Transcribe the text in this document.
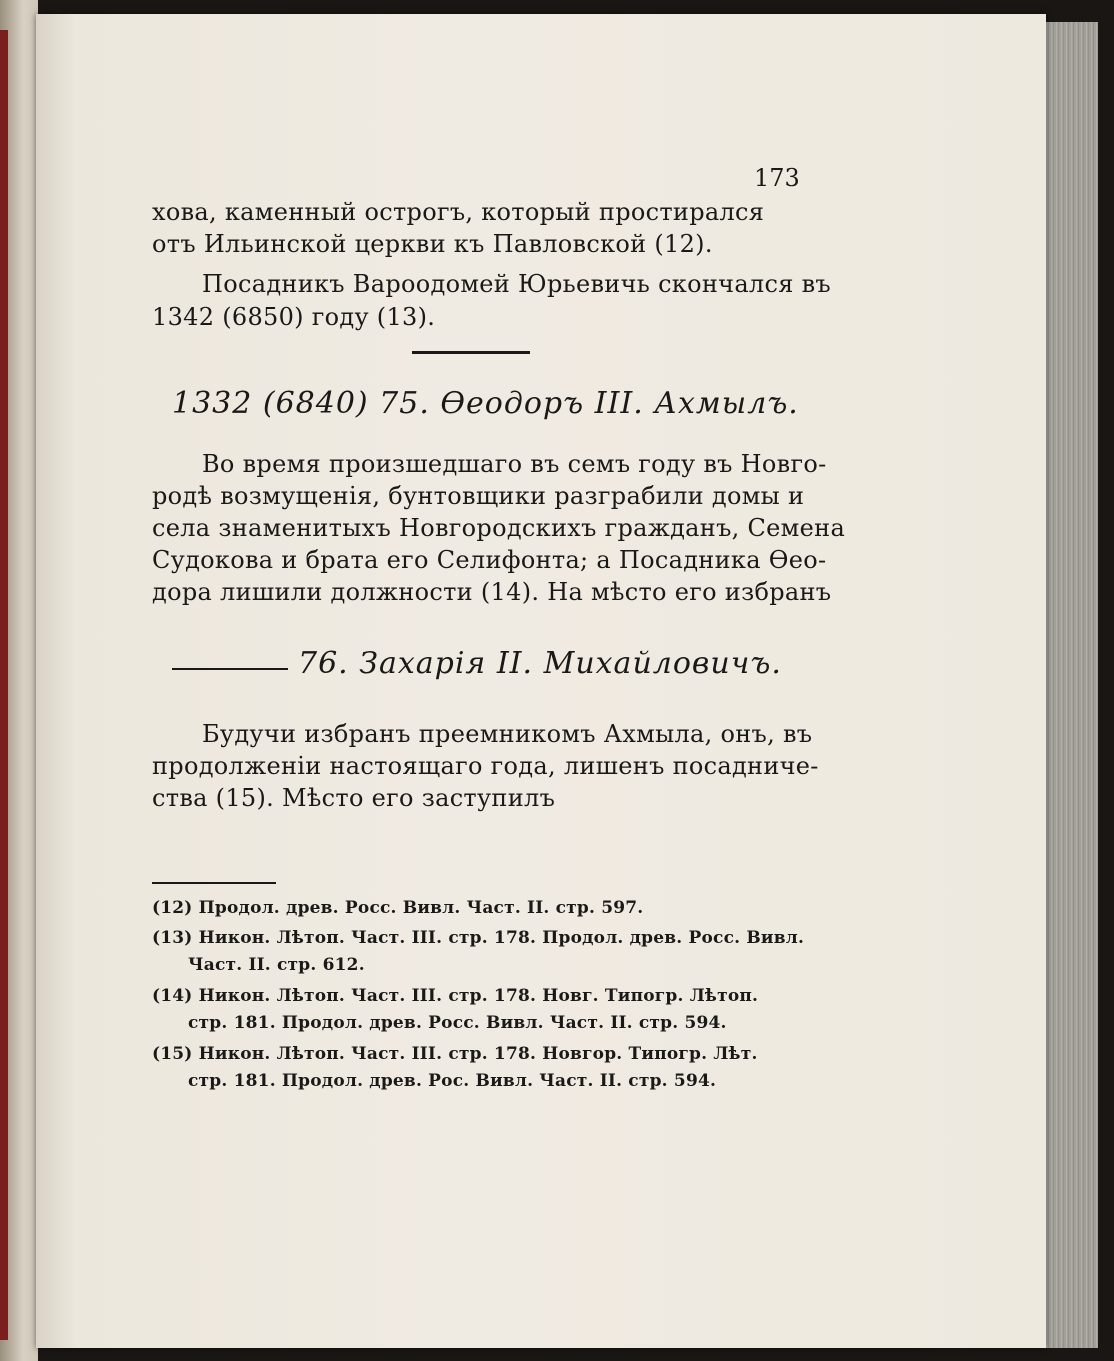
173
хова, каменный острогъ, который простирался
отъ Ильинской церкви къ Павловской (12).
Посадникъ Вароодомей Юрьевичь скончался въ
1342 (6850) году (13).
1332 (6840) 75. Өеодоръ III. Ахмылъ.
Во время произшедшаго въ семъ году въ Новго-
родѣ возмущенія, бунтовщики разграбили домы и
села знаменитыхъ Новгородскихъ гражданъ, Семена
Судокова и брата его Селифонта; а Посадника Өео-
дора лишили должности (14). На мѣсто его избранъ
76. Захарія II. Михайловичъ.
Будучи избранъ преемникомъ Ахмыла, онъ, въ
продолженіи настоящаго года, лишенъ посадниче-
ства (15). Мѣсто его заступилъ
(12) Продол. древ. Росс. Вивл. Част. II. стр. 597.
(13) Никон. Лѣтоп. Част. III. стр. 178. Продол. древ. Росс. Вивл.
Част. II. стр. 612.
(14) Никон. Лѣтоп. Част. III. стр. 178. Новг. Типогр. Лѣтоп.
стр. 181. Продол. древ. Росс. Вивл. Част. II. стр. 594.
(15) Никон. Лѣтоп. Част. III. стр. 178. Новгор. Типогр. Лѣт.
стр. 181. Продол. древ. Рос. Вивл. Част. II. стр. 594.
